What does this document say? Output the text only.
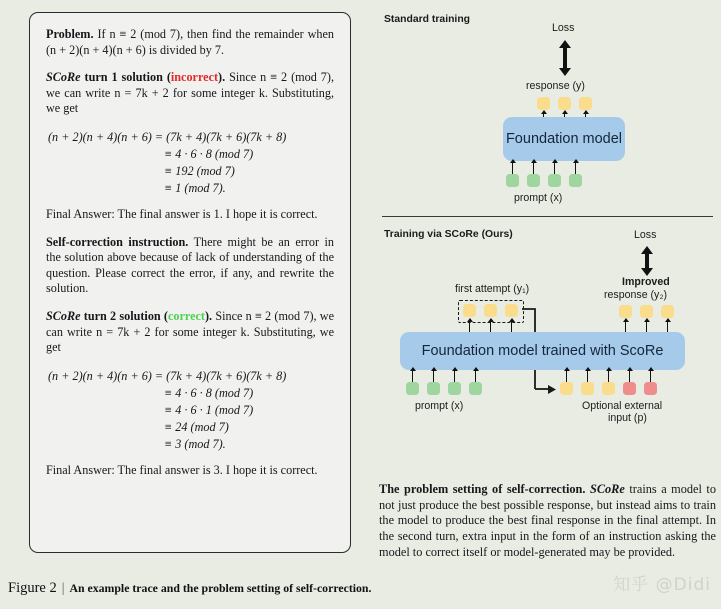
Problem. If n ≡ 2 (mod 7), then find the remainder when (n + 2)(n + 4)(n + 6) is divided by 7.

SCoRe turn 1 solution (incorrect). Since n ≡ 2 (mod 7), we can write n = 7k + 2 for some integer k. Substituting, we get

(n + 2)(n + 4)(n + 6) = (7k + 4)(7k + 6)(7k + 8)
≡ 4 · 6 · 8 (mod 7)
≡ 192 (mod 7)
≡ 1 (mod 7).

Final Answer: The final answer is 1. I hope it is correct.

Self-correction instruction. There might be an error in the solution above because of lack of understanding of the question. Please correct the error, if any, and rewrite the solution.

SCoRe turn 2 solution (correct). Since n ≡ 2 (mod 7), we can write n = 7k + 2 for some integer k. Substituting, we get

(n + 2)(n + 4)(n + 6) = (7k + 4)(7k + 6)(7k + 8)
≡ 4 · 6 · 8 (mod 7)
≡ 4 · 6 · 1 (mod 7)
≡ 24 (mod 7)
≡ 3 (mod 7).

Final Answer: The final answer is 3. I hope it is correct.

Standard training
Loss
response (y)
Foundation model
prompt (x)
Training via SCoRe (Ours)	Loss
Improved
response (y₂)
first attempt (y₁)
Foundation model trained with ScoRe
prompt (x)	Optional external
input (p)

The problem setting of self-correction. SCoRe trains a model to not just produce the best possible response, but instead aims to train the model to produce the best final response in the final attempt. In the second turn, extra input in the form of an instruction asking the model to correct itself or model-generated may be provided.

Figure 2 | An example trace and the problem setting of self-correction.	知乎 @Didi
